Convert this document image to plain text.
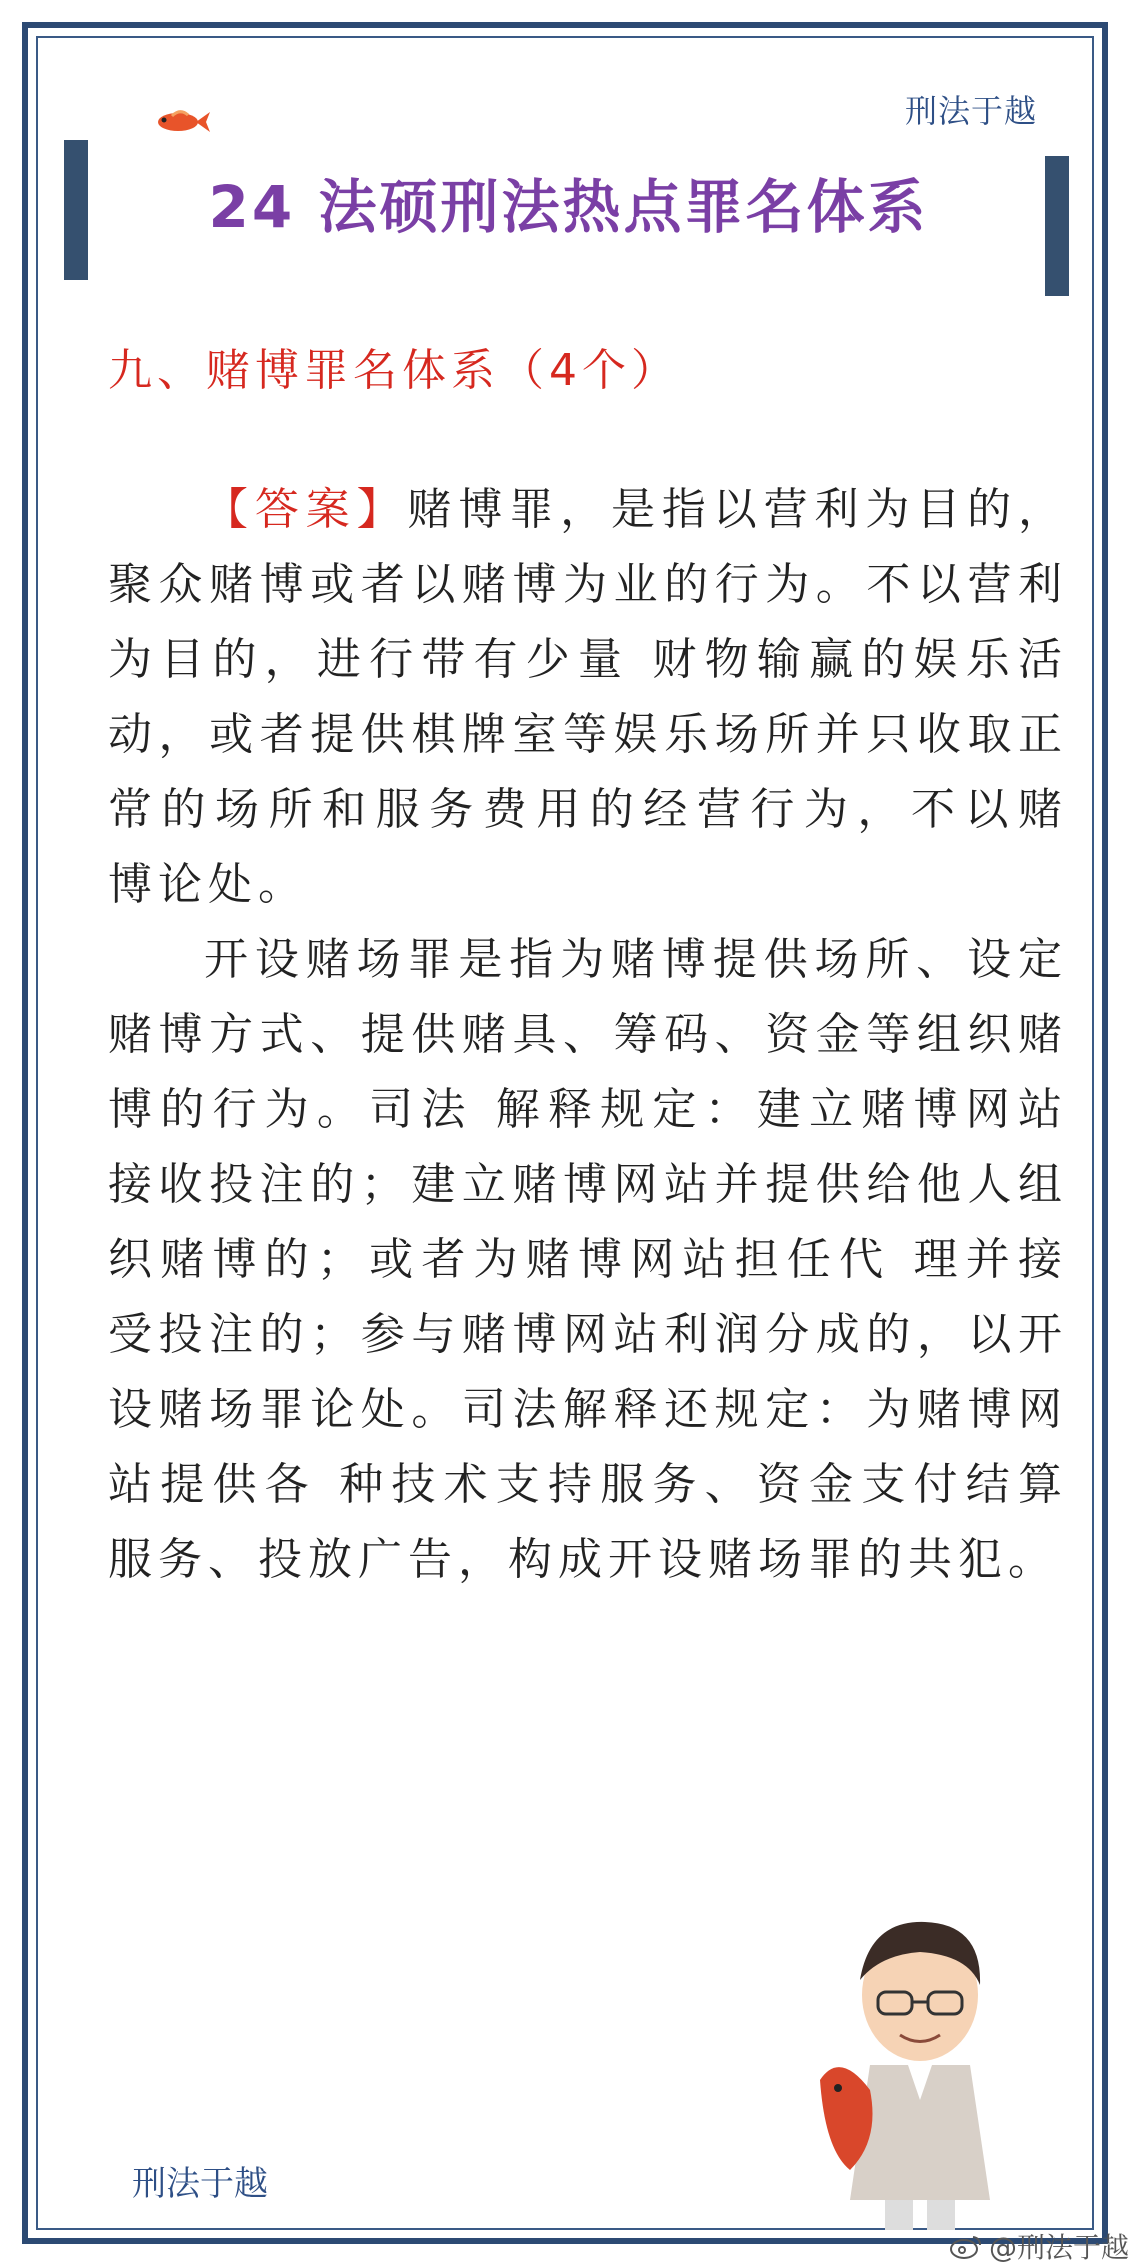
刑法于越
24 法硕刑法热点罪名体系
九、赌博罪名体系（4个）

【答案】赌博罪，是指以营利为目的，聚众赌博或者以赌博为业的行为。不以营利为目的，进行带有少量 财物输赢的娱乐活动，或者提供棋牌室等娱乐场所并只收取正常的场所和服务费用的经营行为，不以赌 博论处。

开设赌场罪是指为赌博提供场所、设定赌博方式、提供赌具、筹码、资金等组织赌博的行为。司法 解释规定：建立赌博网站接收投注的；建立赌博网站并提供给他人组织赌博的；或者为赌博网站担任代 理并接受投注的；参与赌博网站利润分成的，以开设赌场罪论处。司法解释还规定：为赌博网站提供各 种技术支持服务、资金支付结算服务、投放广告，构成开设赌场罪的共犯。

刑法于越
@刑法于越
